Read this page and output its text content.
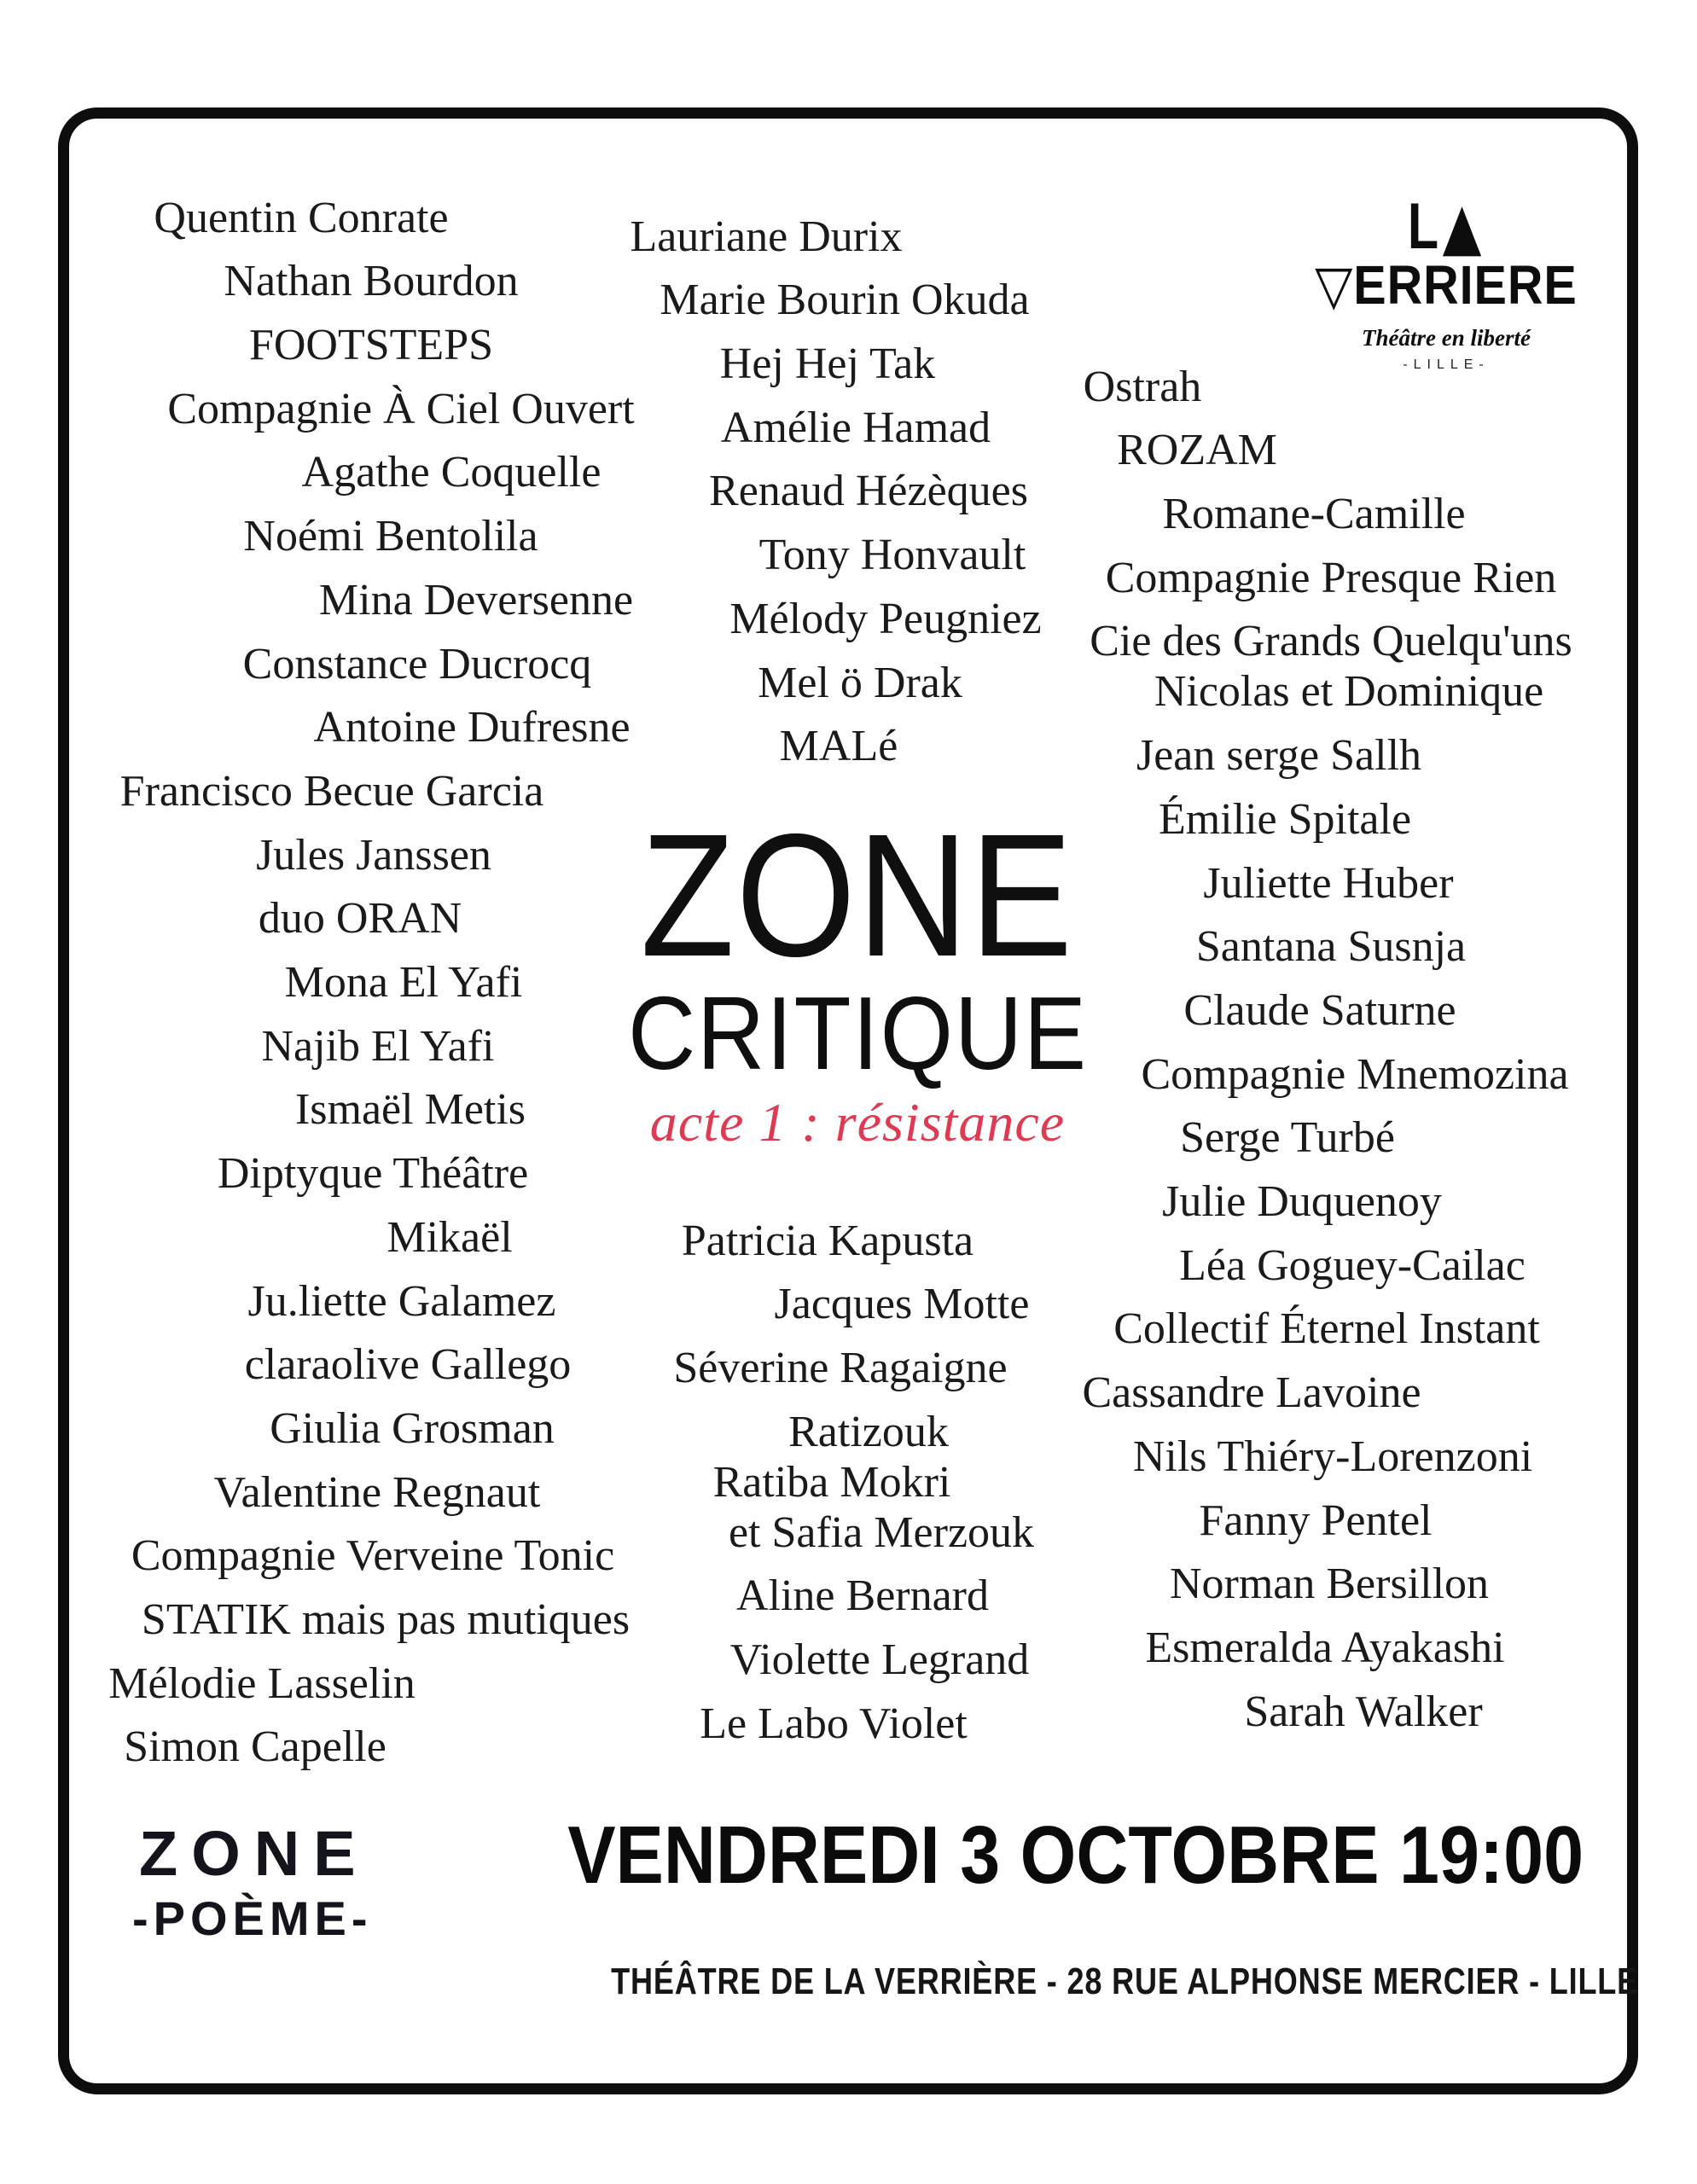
Quentin Conrate
Nathan Bourdon
FOOTSTEPS
Compagnie À Ciel Ouvert
Agathe Coquelle
Noémi Bentolila
Mina Deversenne
Constance Ducrocq
Antoine Dufresne
Francisco Becue Garcia
Jules Janssen
duo ORAN
Mona El Yafi
Najib El Yafi
Ismaël Metis
Diptyque Théâtre
Mikaël
Ju.liette Galamez
claraolive Gallego
Giulia Grosman
Valentine Regnaut
Compagnie Verveine Tonic
STATIK mais pas mutiques
Mélodie Lasselin
Simon Capelle
Lauriane Durix
Marie Bourin Okuda
Hej Hej Tak
Amélie Hamad
Renaud Hézèques
Tony Honvault
Mélody Peugniez
Mel ö Drak
MALé
Patricia Kapusta
Jacques Motte
Séverine Ragaigne
Ratizouk
Ratiba Mokri
et Safia Merzouk
Aline Bernard
Violette Legrand
Le Labo Violet
Ostrah
ROZAM
Romane-Camille
Compagnie Presque Rien
Cie des Grands Quelqu'uns
Nicolas et Dominique
Jean serge Sallh
Émilie Spitale
Juliette Huber
Santana Susnja
Claude Saturne
Compagnie Mnemozina
Serge Turbé
Julie Duquenoy
Léa Goguey-Cailac
Collectif Éternel Instant
Cassandre Lavoine
Nils Thiéry-Lorenzoni
Fanny Pentel
Norman Bersillon
Esmeralda Ayakashi
Sarah Walker
ZONE
CRITIQUE
acte 1 : résistance
L▲
▽ERRIERE
Théâtre en liberté
-LILLE-
ZONE
-POÈME-
VENDREDI 3 OCTOBRE 19:00
THÉÂTRE DE LA VERRIÈRE - 28 RUE ALPHONSE MERCIER - LILLE
